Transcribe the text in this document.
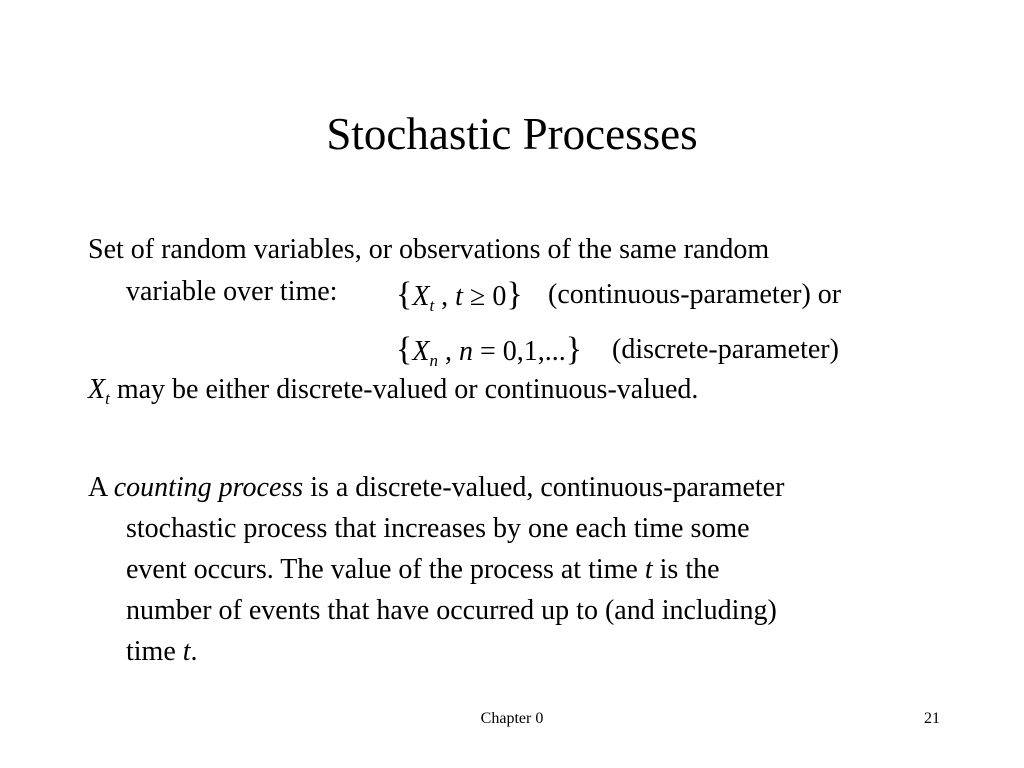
Stochastic Processes
Set of random variables, or observations of the same random
variable over time: {$X_t$ , t ≥ 0} (continuous-parameter) or
{$X_n$ , n = 0,1,...} (discrete-parameter)
$X_t$ may be either discrete-valued or continuous-valued.
A counting process is a discrete-valued, continuous-parameter
stochastic process that increases by one each time some
event occurs. The value of the process at time t is the
number of events that have occurred up to (and including)
time t.
Chapter 0	21
